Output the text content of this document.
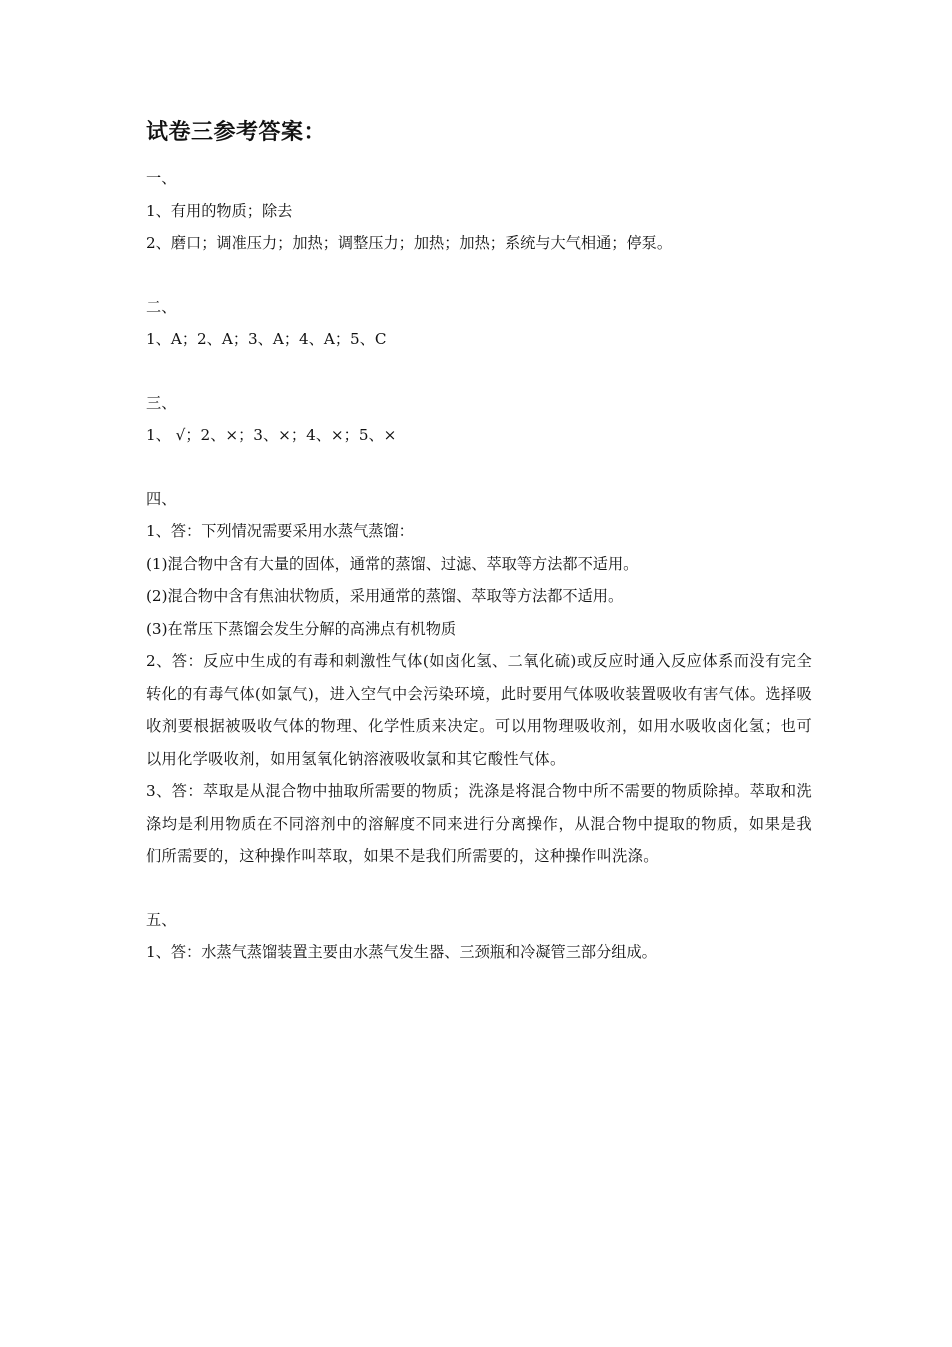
试卷三参考答案：

一、

1、有用的物质；除去

2、磨口；调准压力；加热；调整压力；加热；加热；系统与大气相通；停泵。

二、

1、A；2、A；3、A；4、A；5、C

三、

1、 √；2、×；3、×；4、×；5、×

四、

1、答：下列情况需要采用水蒸气蒸馏：

(1)混合物中含有大量的固体，通常的蒸馏、过滤、萃取等方法都不适用。

(2)混合物中含有焦油状物质，采用通常的蒸馏、萃取等方法都不适用。

(3)在常压下蒸馏会发生分解的高沸点有机物质

2、答：反应中生成的有毒和刺激性气体(如卤化氢、二氧化硫)或反应时通入反应体系而没有完全转化的有毒气体(如氯气)，进入空气中会污染环境，此时要用气体吸收装置吸收有害气体。选择吸收剂要根据被吸收气体的物理、化学性质来决定。可以用物理吸收剂，如用水吸收卤化氢；也可以用化学吸收剂，如用氢氧化钠溶液吸收氯和其它酸性气体。

3、答：萃取是从混合物中抽取所需要的物质；洗涤是将混合物中所不需要的物质除掉。萃取和洗涤均是利用物质在不同溶剂中的溶解度不同来进行分离操作，从混合物中提取的物质，如果是我们所需要的，这种操作叫萃取，如果不是我们所需要的，这种操作叫洗涤。

五、

1、答：水蒸气蒸馏装置主要由水蒸气发生器、三颈瓶和冷凝管三部分组成。
